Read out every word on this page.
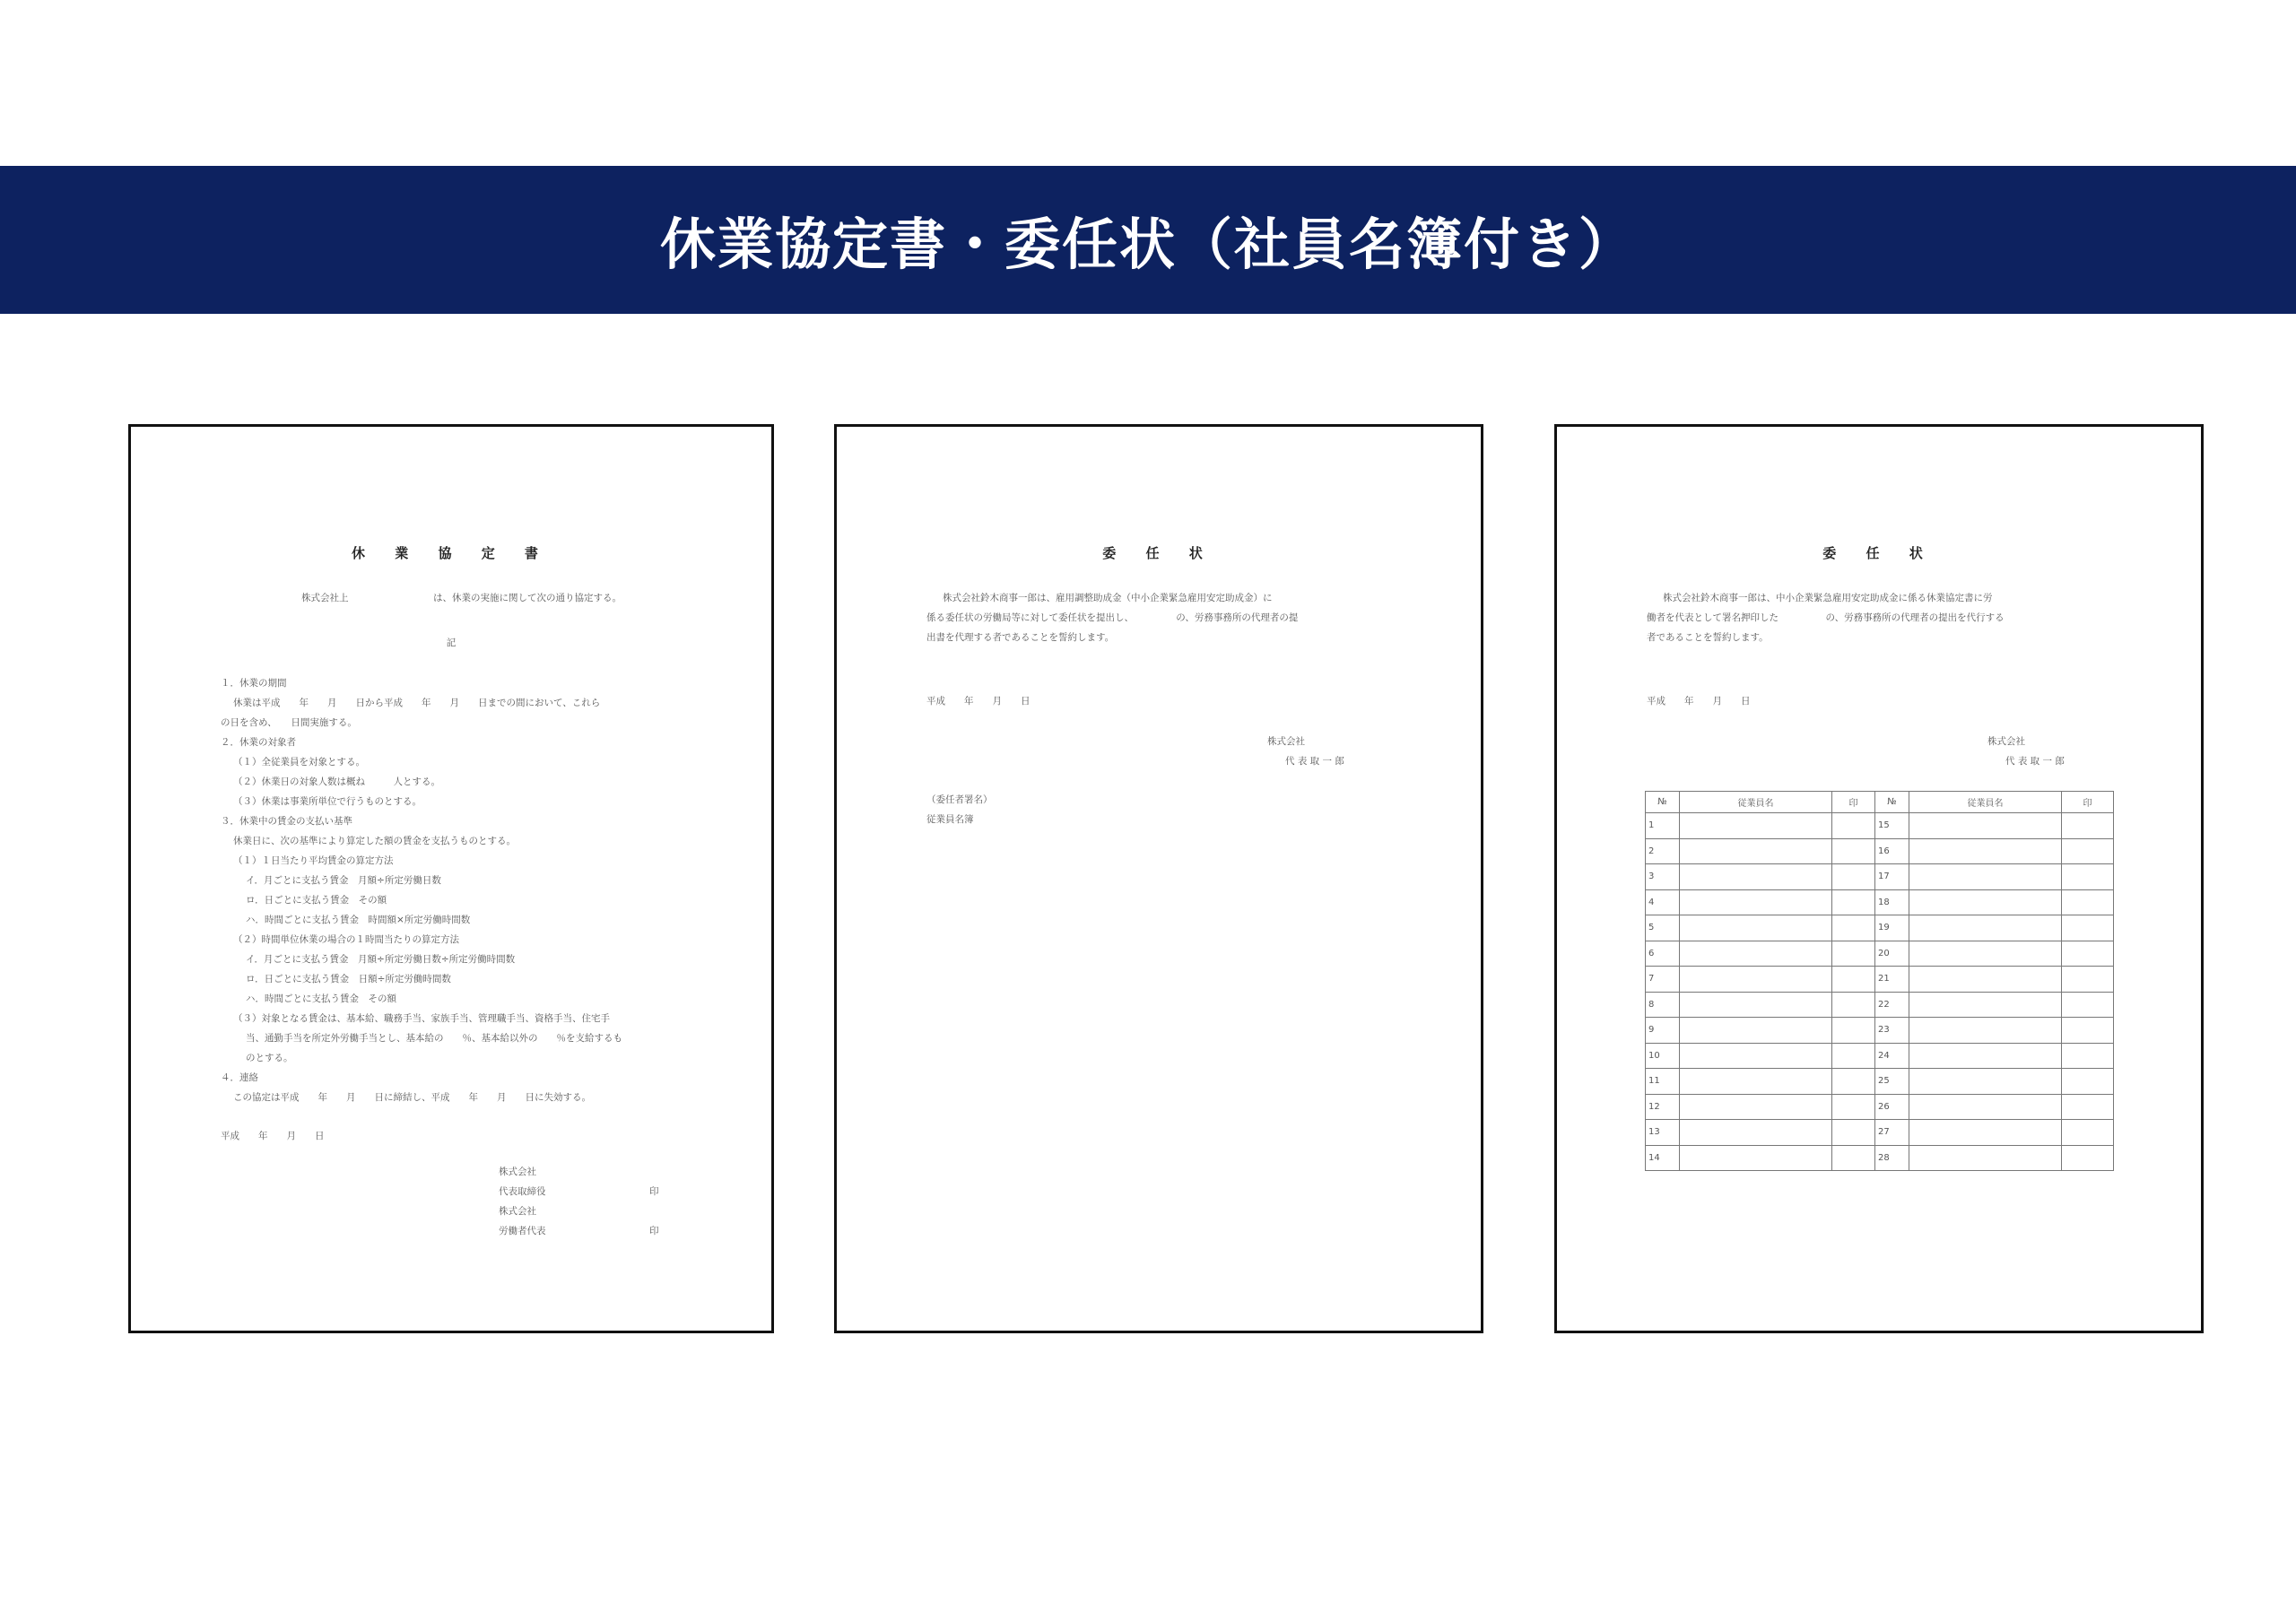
休業協定書・委任状（社員名簿付き）
休 業 協 定 書
株式会社上　　　　　　　　　は、休業の実施に関して次の通り協定する。
記
１．休業の期間
休業は平成　　年　　月　　日から平成　　年　　月　　日までの間において、これら
の日を含め、　　日間実施する。
２．休業の対象者
（１）全従業員を対象とする。
（２）休業日の対象人数は概ね　　　人とする。
（３）休業は事業所単位で行うものとする。
３．休業中の賃金の支払い基準
休業日に、次の基準により算定した額の賃金を支払うものとする。
（１）１日当たり平均賃金の算定方法
イ．月ごとに支払う賃金　月額÷所定労働日数
ロ．日ごとに支払う賃金　その額
ハ．時間ごとに支払う賃金　時間額×所定労働時間数
（２）時間単位休業の場合の１時間当たりの算定方法
イ．月ごとに支払う賃金　月額÷所定労働日数÷所定労働時間数
ロ．日ごとに支払う賃金　日額÷所定労働時間数
ハ．時間ごとに支払う賃金　その額
（３）対象となる賃金は、基本給、職務手当、家族手当、管理職手当、資格手当、住宅手
当、通勤手当を所定外労働手当とし、基本給の　　％、基本給以外の　　％を支給するも
のとする。
４．連絡
この協定は平成　　年　　月　　日に締結し、平成　　年　　月　　日に失効する。
平成　　年　　月　　日
株式会社
代表取締役　　　　　　　　　　　印
株式会社
労働者代表　　　　　　　　　　　印
委 任 状
株式会社鈴木商事一郎は、雇用調整助成金（中小企業緊急雇用安定助成金）に
係る委任状の労働局等に対して委任状を提出し、　　　　　の、労務事務所の代理者の提
出書を代理する者であることを誓約します。
平成　　年　　月　　日
株式会社
代 表 取 一 郎
（委任者署名）
従業員名簿
委 任 状
株式会社鈴木商事一郎は、中小企業緊急雇用安定助成金に係る休業協定書に労
働者を代表として署名押印した　　　　　の、労務事務所の代理者の提出を代行する
者であることを誓約します。
平成　　年　　月　　日
株式会社
代 表 取 一 郎
№	従業員名	印	№	従業員名	印
1			15		
2			16		
3			17		
4			18		
5			19		
6			20		
7			21		
8			22		
9			23		
10			24		
11			25		
12			26		
13			27		
14			28		
